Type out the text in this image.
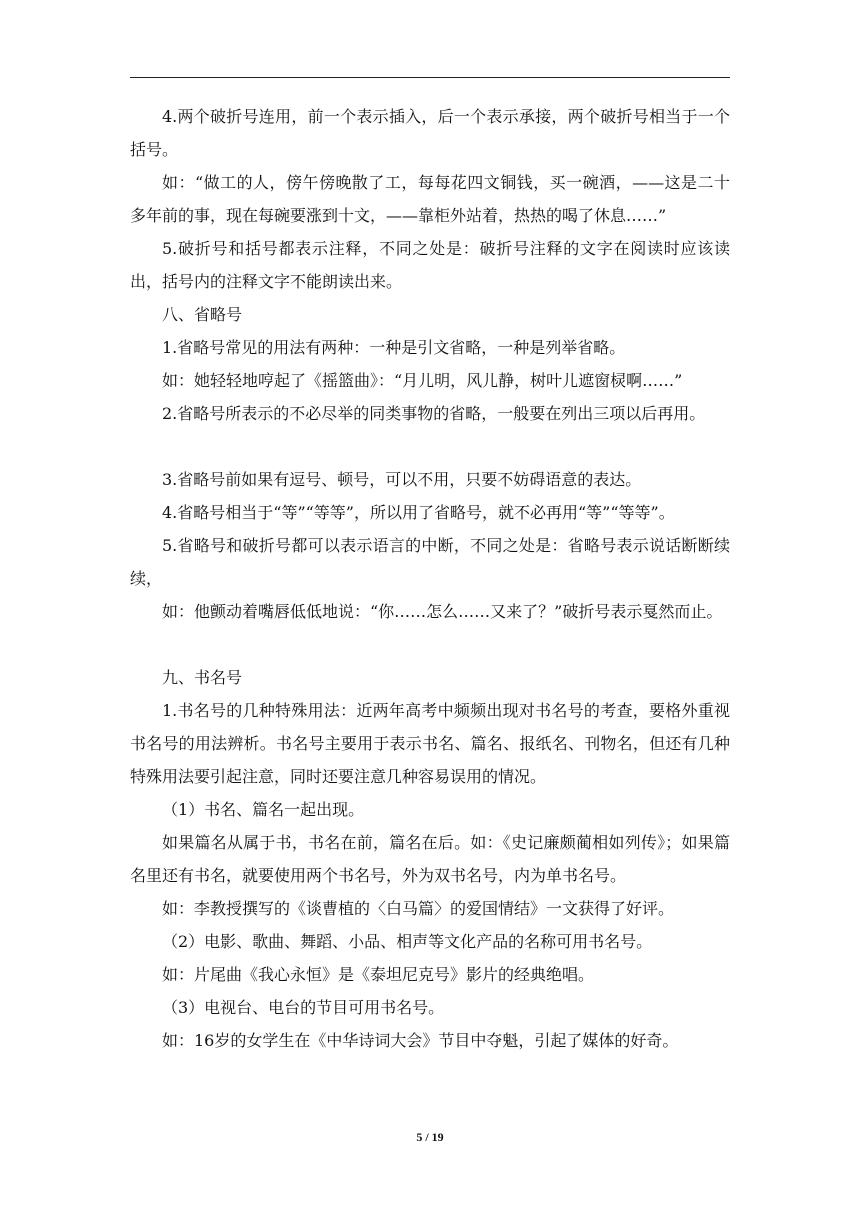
4.两个破折号连用，前一个表示插入，后一个表示承接，两个破折号相当于一个括号。

如：“做工的人，傍午傍晚散了工，每每花四文铜钱，买一碗酒，——这是二十多年前的事，现在每碗要涨到十文，——靠柜外站着，热热的喝了休息……”

5.破折号和括号都表示注释，不同之处是：破折号注释的文字在阅读时应该读出，括号内的注释文字不能朗读出来。

八、省略号

1.省略号常见的用法有两种：一种是引文省略，一种是列举省略。

如：她轻轻地哼起了《摇篮曲》：“月儿明，风儿静，树叶儿遮窗棂啊……”

2.省略号所表示的不必尽举的同类事物的省略，一般要在列出三项以后再用。

3.省略号前如果有逗号、顿号，可以不用，只要不妨碍语意的表达。

4.省略号相当于“等”“等等”，所以用了省略号，就不必再用“等”“等等”。

5.省略号和破折号都可以表示语言的中断，不同之处是：省略号表示说话断断续续，

如：他颤动着嘴唇低低地说：“你……怎么……又来了？”破折号表示戛然而止。

九、书名号

1.书名号的几种特殊用法：近两年高考中频频出现对书名号的考查，要格外重视书名号的用法辨析。书名号主要用于表示书名、篇名、报纸名、刊物名，但还有几种特殊用法要引起注意，同时还要注意几种容易误用的情况。

（1）书名、篇名一起出现。

如果篇名从属于书，书名在前，篇名在后。如：《史记廉颇蔺相如列传》；如果篇名里还有书名，就要使用两个书名号，外为双书名号，内为单书名号。

如：李教授撰写的《谈曹植的〈白马篇〉的爱国情结》一文获得了好评。

（2）电影、歌曲、舞蹈、小品、相声等文化产品的名称可用书名号。

如：片尾曲《我心永恒》是《泰坦尼克号》影片的经典绝唱。

（3）电视台、电台的节目可用书名号。

如：16岁的女学生在《中华诗词大会》节目中夺魁，引起了媒体的好奇。

5 / 19
